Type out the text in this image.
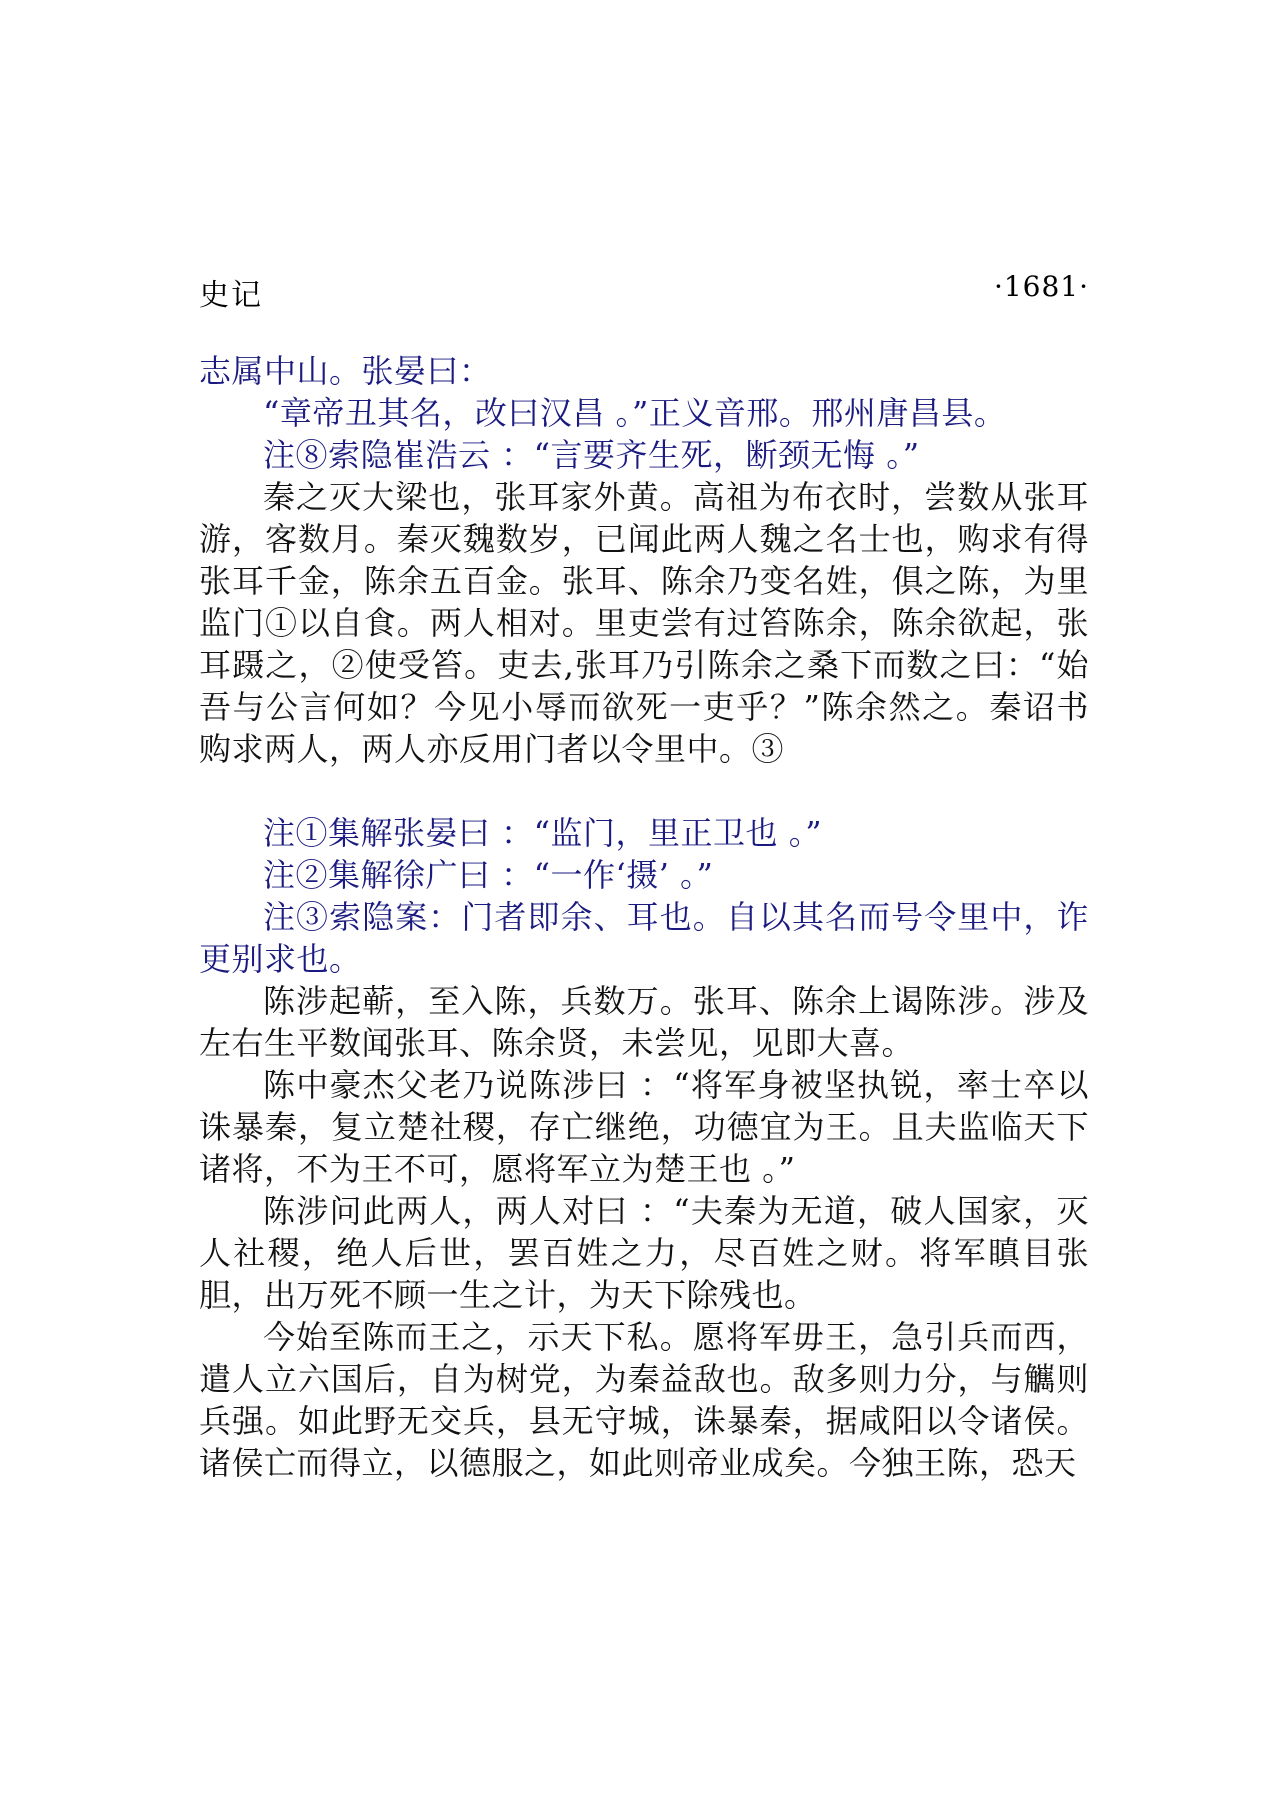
史记	·1681·

志属中山。张晏曰：

“章帝丑其名，改曰汉昌 。”正义音邢。邢州唐昌县。

注⑧索隐崔浩云 ：“言要齐生死，断颈无悔 。”

秦之灭大梁也，张耳家外黄。高祖为布衣时，尝数从张耳游，客数月。秦灭魏数岁，已闻此两人魏之名士也，购求有得张耳千金，陈余五百金。张耳、陈余乃变名姓，俱之陈，为里监门①以自食。两人相对。里吏尝有过笞陈余，陈余欲起，张耳蹑之，②使受笞。吏去,张耳乃引陈余之桑下而数之曰：“始吾与公言何如？今见小辱而欲死一吏乎？”陈余然之。秦诏书购求两人，两人亦反用门者以令里中。③

注①集解张晏曰 ：“监门，里正卫也 。”

注②集解徐广曰 ：“一作‘摄’ 。”

注③索隐案：门者即余、耳也。自以其名而号令里中，诈更别求也。

陈涉起蕲，至入陈，兵数万。张耳、陈余上谒陈涉。涉及左右生平数闻张耳、陈余贤，未尝见，见即大喜。

陈中豪杰父老乃说陈涉曰 ：“将军身被坚执锐，率士卒以诛暴秦，复立楚社稷，存亡继绝，功德宜为王。且夫监临天下诸将，不为王不可，愿将军立为楚王也 。”

陈涉问此两人，两人对曰 ：“夫秦为无道，破人国家，灭人社稷，绝人后世，罢百姓之力，尽百姓之财。将军瞋目张胆，出万死不顾一生之计，为天下除残也。

今始至陈而王之，示天下私。愿将军毋王，急引兵而西，遣人立六国后，自为树党，为秦益敌也。敌多则力分，与觽则兵强。如此野无交兵，县无守城，诛暴秦，据咸阳以令诸侯。诸侯亡而得立，以德服之，如此则帝业成矣。今独王陈，恐天
